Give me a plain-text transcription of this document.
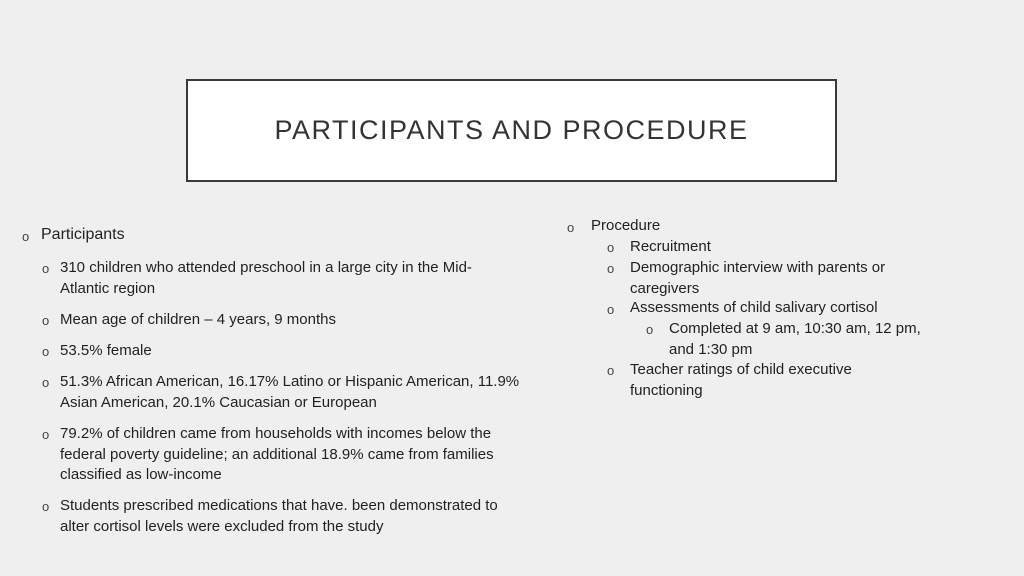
PARTICIPANTS AND PROCEDURE
o Participants
o 310 children who attended preschool in a large city in the Mid-Atlantic region
o Mean age of children – 4 years, 9 months
o 53.5% female
o 51.3% African American, 16.17% Latino or Hispanic American, 11.9% Asian American, 20.1% Caucasian or European
o 79.2% of children came from households with incomes below the federal poverty guideline; an additional 18.9% came from families classified as low-income
o Students prescribed medications that have. been demonstrated to alter cortisol levels were excluded from the study
o Procedure
o Recruitment
o Demographic interview with parents or caregivers
o Assessments of child salivary cortisol
o Completed at 9 am, 10:30 am, 12 pm, and 1:30 pm
o Teacher ratings of child executive functioning
